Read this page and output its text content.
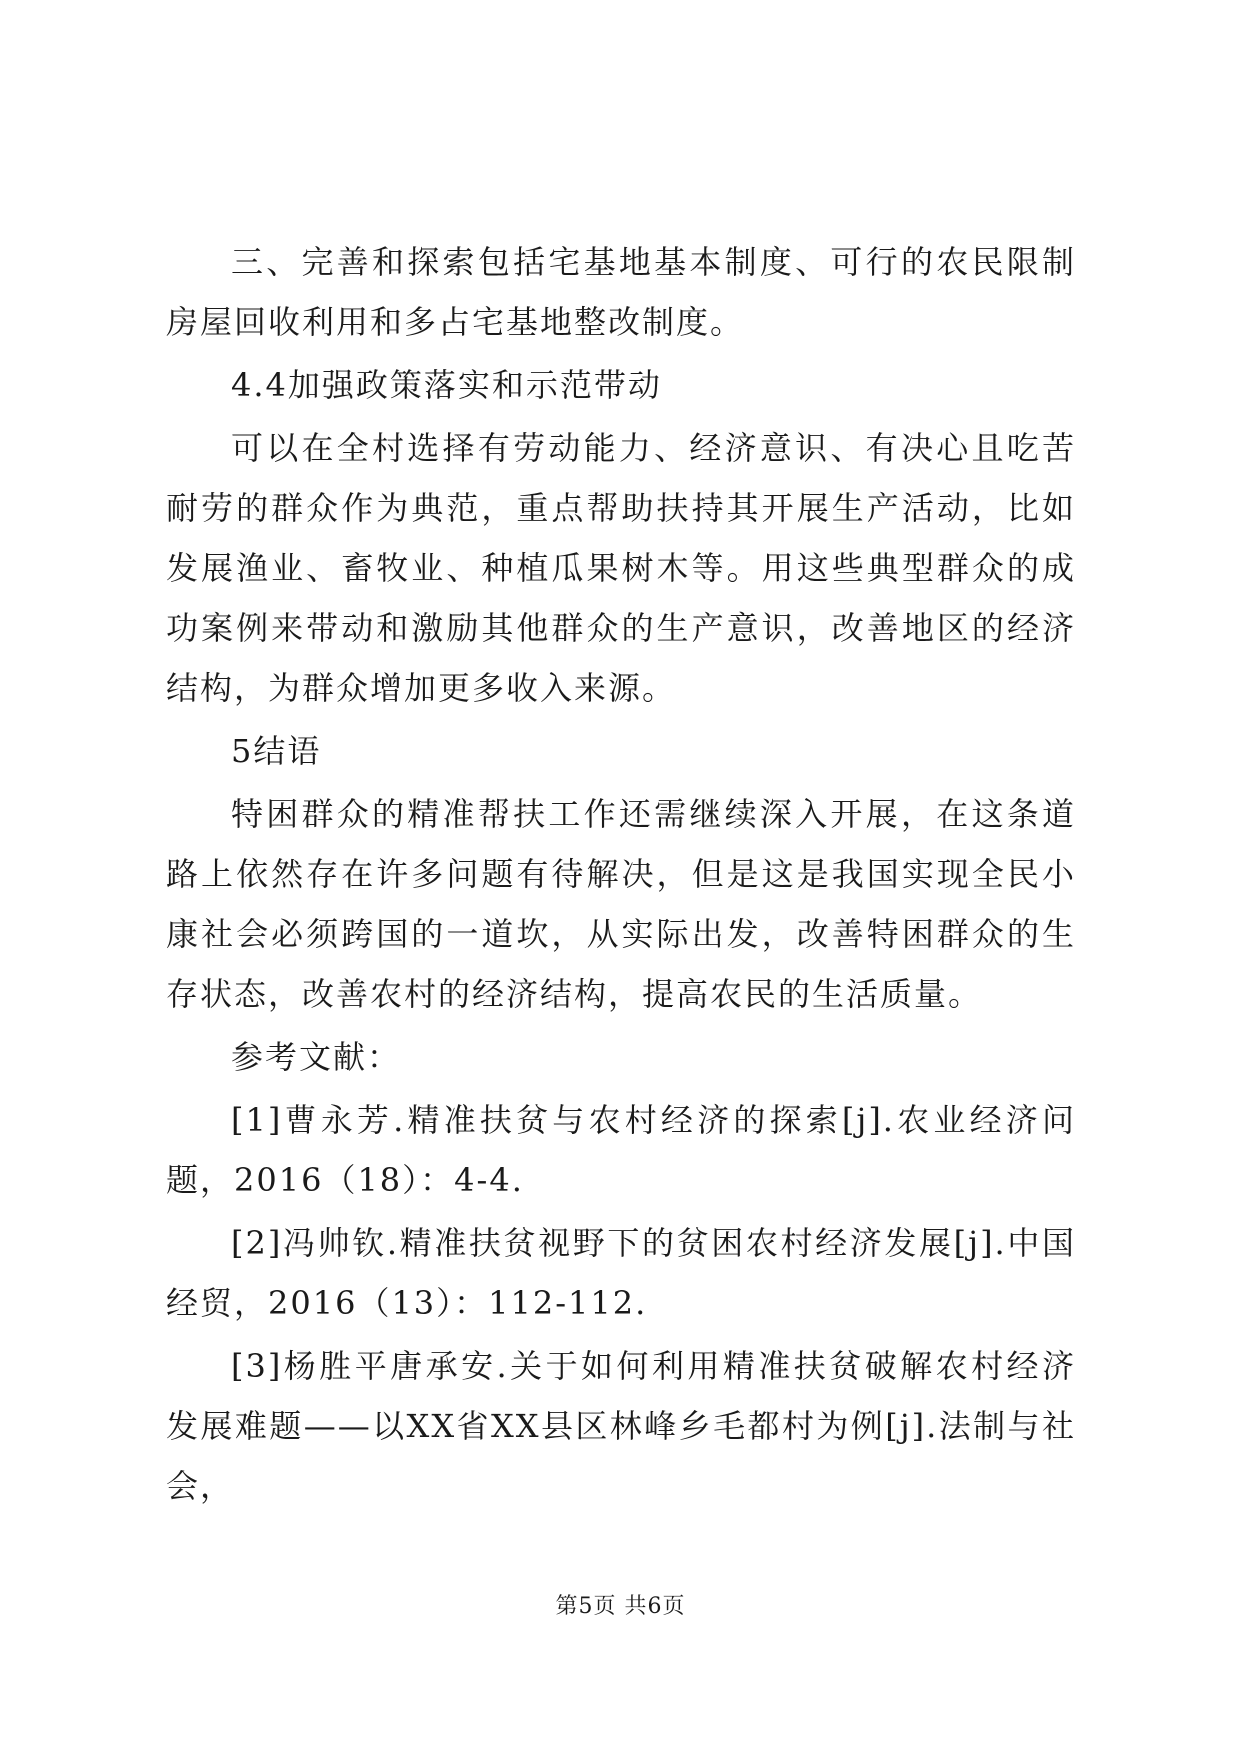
三、完善和探索包括宅基地基本制度、可行的农民限制房屋回收利用和多占宅基地整改制度。

4.4加强政策落实和示范带动

可以在全村选择有劳动能力、经济意识、有决心且吃苦耐劳的群众作为典范，重点帮助扶持其开展生产活动，比如发展渔业、畜牧业、种植瓜果树木等。用这些典型群众的成功案例来带动和激励其他群众的生产意识，改善地区的经济结构，为群众增加更多收入来源。

5结语

特困群众的精准帮扶工作还需继续深入开展，在这条道路上依然存在许多问题有待解决，但是这是我国实现全民小康社会必须跨国的一道坎，从实际出发，改善特困群众的生存状态，改善农村的经济结构，提高农民的生活质量。

参考文献：

[1]曹永芳.精准扶贫与农村经济的探索[j].农业经济问题，2016（18）：4-4.

[2]冯帅钦.精准扶贫视野下的贫困农村经济发展[j].中国经贸，2016（13）：112-112.

[3]杨胜平唐承安.关于如何利用精准扶贫破解农村经济发展难题——以XX省XX县区林峰乡毛都村为例[j].法制与社会，

第5页 共6页
